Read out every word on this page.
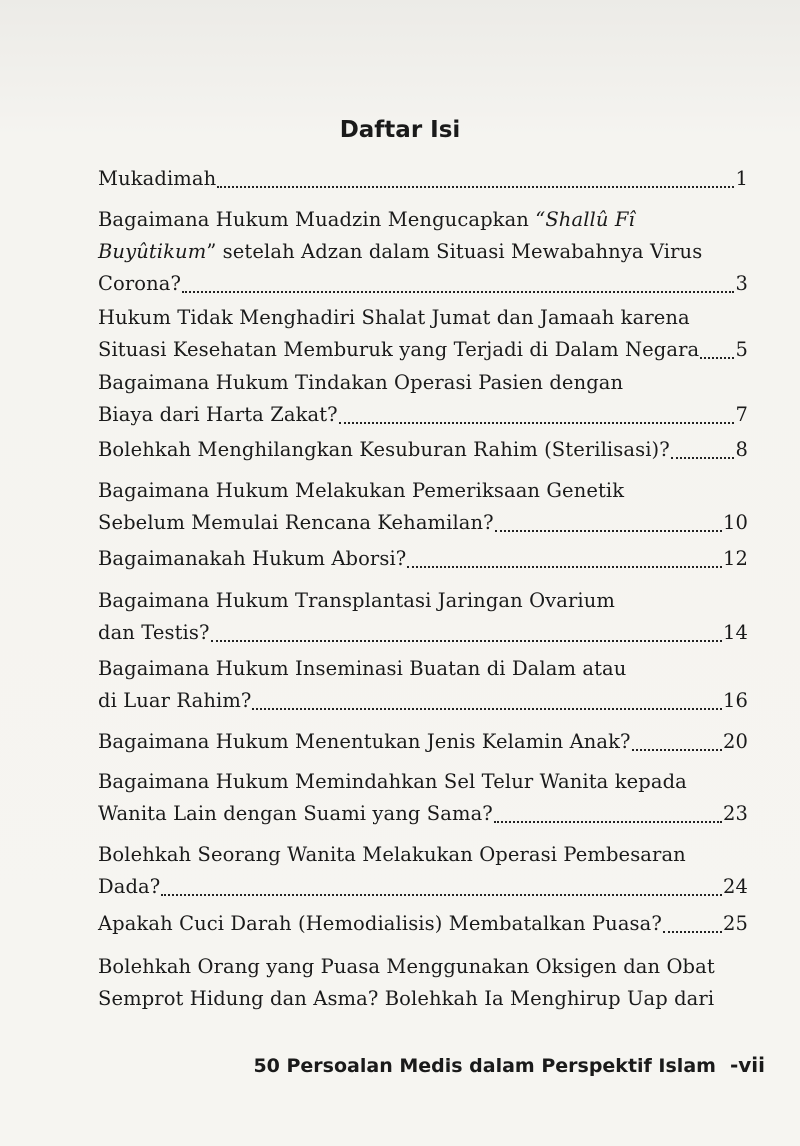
Daftar Isi
Mukadimah	1
Bagaimana Hukum Muadzin Mengucapkan “Shallû Fî
Buyûtikum” setelah Adzan dalam Situasi Mewabahnya Virus
Corona?	3
Hukum Tidak Menghadiri Shalat Jumat dan Jamaah karena
Situasi Kesehatan Memburuk yang Terjadi di Dalam Negara 5
Bagaimana Hukum Tindakan Operasi Pasien dengan
Biaya dari Harta Zakat?	7
Bolehkah Menghilangkan Kesuburan Rahim (Sterilisasi)?	8
Bagaimana Hukum Melakukan Pemeriksaan Genetik
Sebelum Memulai Rencana Kehamilan?	10
Bagaimanakah Hukum Aborsi?	12
Bagaimana Hukum Transplantasi Jaringan Ovarium
dan Testis?	14
Bagaimana Hukum Inseminasi Buatan di Dalam atau
di Luar Rahim?	16
Bagaimana Hukum Menentukan Jenis Kelamin Anak?	20
Bagaimana Hukum Memindahkan Sel Telur Wanita kepada
Wanita Lain dengan Suami yang Sama?	23
Bolehkah Seorang Wanita Melakukan Operasi Pembesaran
Dada?	24
Apakah Cuci Darah (Hemodialisis) Membatalkan Puasa?	25
Bolehkah Orang yang Puasa Menggunakan Oksigen dan Obat
Semprot Hidung dan Asma? Bolehkah Ia Menghirup Uap dari
50 Persoalan Medis dalam Perspektif Islam -vii
